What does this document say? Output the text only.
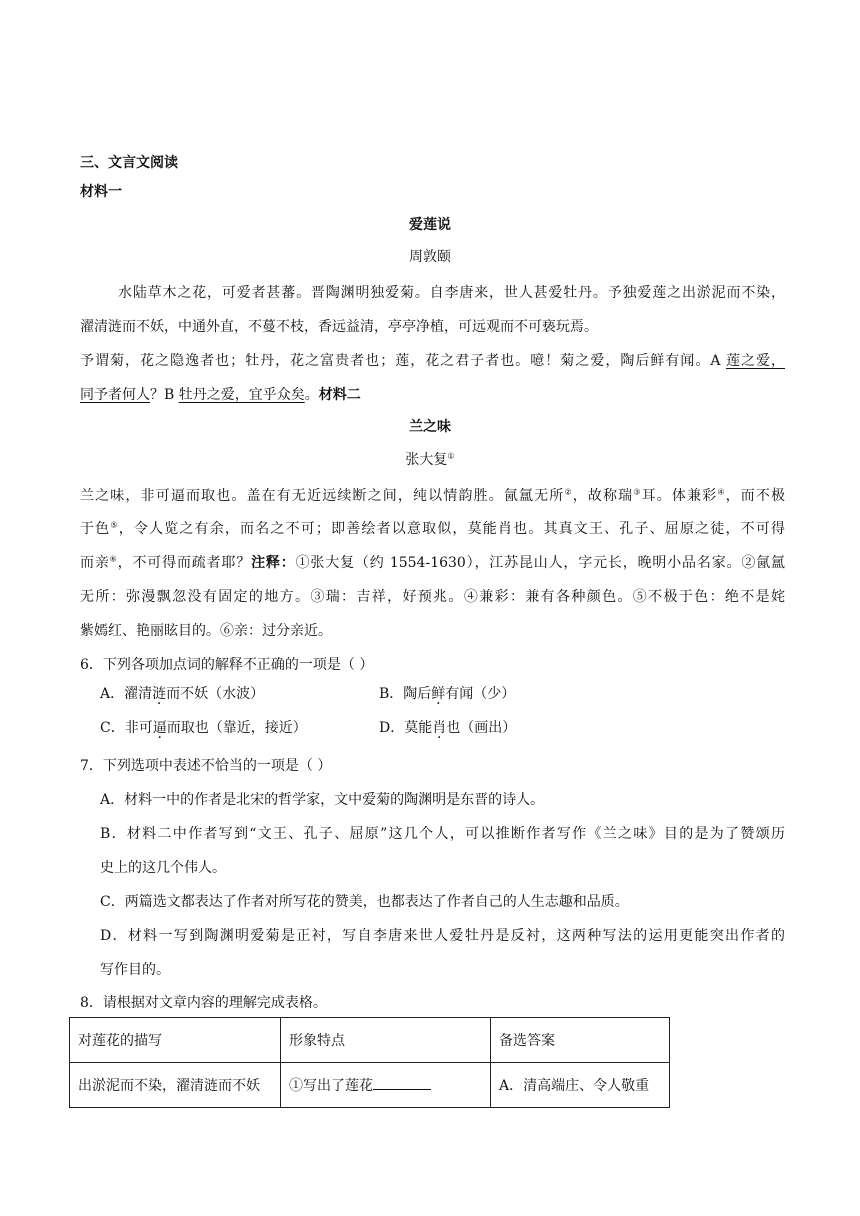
三、文言文阅读
材料一
爱莲说
周敦颐
水陆草木之花，可爱者甚蕃。晋陶渊明独爱菊。自李唐来，世人甚爱牡丹。予独爱莲之出淤泥而不染，
濯清涟而不妖，中通外直，不蔓不枝，香远益清，亭亭净植，可远观而不可亵玩焉。
予谓菊，花之隐逸者也；牡丹，花之富贵者也；莲，花之君子者也。噫！菊之爱，陶后鲜有闻。A 莲之爱，
同予者何人？B 牡丹之爱，宜乎众矣。材料二
兰之味
张大复①
兰之味，非可逼而取也。盖在有无近远续断之间，纯以情韵胜。氤氲无所②，故称瑞③耳。体兼彩④，而不极
于色⑤，令人览之有余，而名之不可；即善绘者以意取似，莫能肖也。其真文王、孔子、屈原之徒，不可得
而亲⑥，不可得而疏者耶？注释：①张大复（约 1554-1630），江苏昆山人，字元长，晚明小品名家。②氤氲
无所：弥漫飘忽没有固定的地方。③瑞：吉祥，好预兆。④兼彩：兼有各种颜色。⑤不极于色：绝不是姹
紫嫣红、艳丽眩目的。⑥亲：过分亲近。
6．下列各项加点词的解释不正确的一项是（ ）
A．濯清涟而不妖（水波）	B．陶后鲜有闻（少）
C．非可逼而取也（靠近，接近）	D．莫能肖也（画出）
7．下列选项中表述不恰当的一项是（ ）
A．材料一中的作者是北宋的哲学家，文中爱菊的陶渊明是东晋的诗人。
B．材料二中作者写到“文王、孔子、屈原”这几个人，可以推断作者写作《兰之味》目的是为了赞颂历
史上的这几个伟人。
C．两篇选文都表达了作者对所写花的赞美，也都表达了作者自己的人生志趣和品质。
D．材料一写到陶渊明爱菊是正衬，写自李唐来世人爱牡丹是反衬，这两种写法的运用更能突出作者的
写作目的。
8．请根据对文章内容的理解完成表格。
对莲花的描写	形象特点	备选答案
出淤泥而不染，濯清涟而不妖	①写出了莲花	A．清高端庄、令人敬重
